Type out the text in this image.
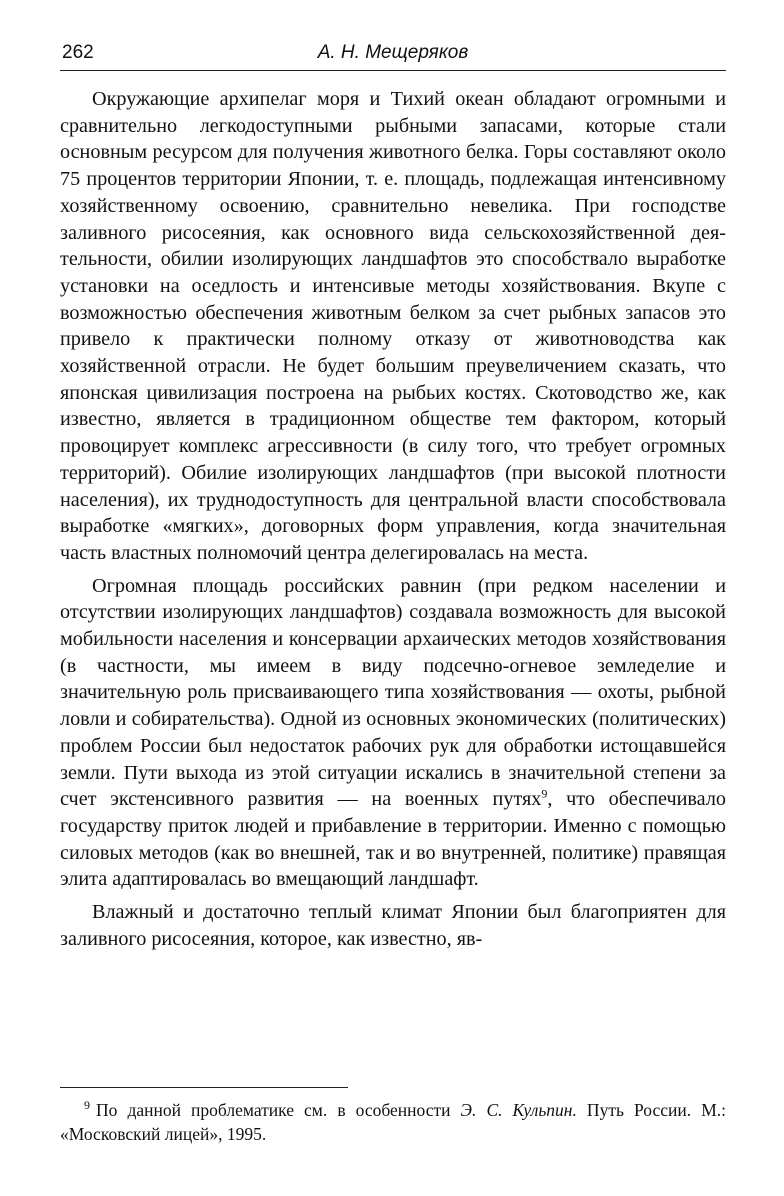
262	А. Н. Мещеряков

Окружающие архипелаг моря и Тихий океан обладают огромными и сравнительно легкодоступными рыбными запасами, которые стали основным ресурсом для получения животного белка. Горы составляют около 75 процентов территории Японии, т. е. площадь, подлежащая интенсивному хозяйственному освоению, сравнительно невелика. При господстве заливного рисосеяния, как основного вида сельскохозяйственной деятельности, обилии изолирующих ландшафтов это способствало выработке установки на оседлость и интенсивые методы хозяйствования. Вкупе с возможностью обеспечения животным белком за счет рыбных запасов это привело к практически полному отказу от животноводства как хозяйственной отрасли. Не будет большим преувеличением сказать, что японская цивилизация построена на рыбьих костях. Скотоводство же, как известно, является в традиционном обществе тем фактором, который провоцирует комплекс агрессивности (в силу того, что требует огромных территорий). Обилие изолирующих ландшафтов (при высокой плотности населения), их труднодоступность для центральной власти способствовала выработке «мягких», договорных форм управления, когда значительная часть властных полномочий центра делегировалась на места.

Огромная площадь российских равнин (при редком населении и отсутствии изолирующих ландшафтов) создавала возможность для высокой мобильности населения и консервации архаических методов хозяйствования (в частности, мы имеем в виду подсечно-огневое земледелие и значительную роль присваивающего типа хозяйствования — охоты, рыбной ловли и собирательства). Одной из основных экономических (политических) проблем России был недостаток рабочих рук для обработки истощавшейся земли. Пути выхода из этой ситуации искались в значительной степени за счет экстенсивного развития — на военных путях$^9$, что обеспечивало государству приток людей и прибавление в территории. Именно с помощью силовых методов (как во внешней, так и во внутренней, политике) правящая элита адаптировалась во вмещающий ландшафт.

Влажный и достаточно теплый климат Японии был благоприятен для заливного рисосеяния, которое, как известно, яв-

$^9$ По данной проблематике см. в особенности Э. С. Кульпин. Путь России. М.: «Московский лицей», 1995.
